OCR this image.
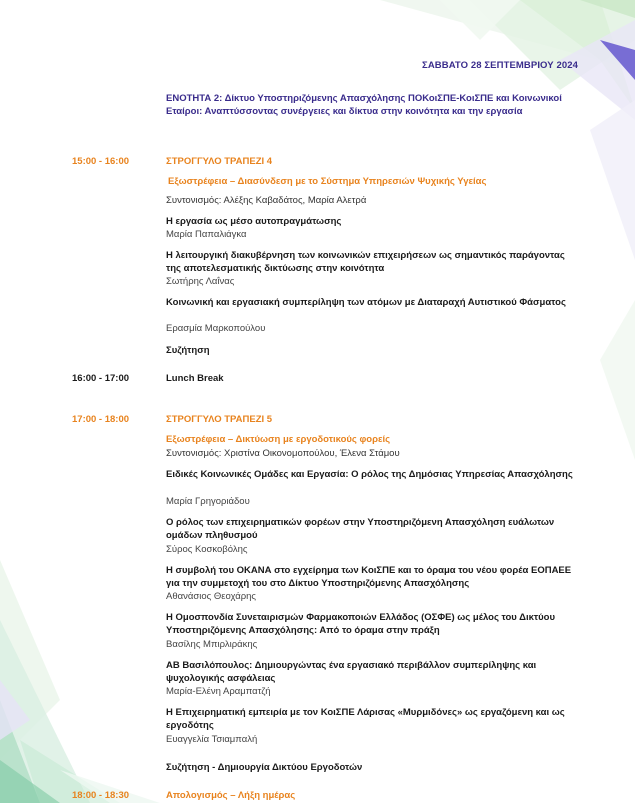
ΣΑΒΒΑΤΟ 28 ΣΕΠΤΕΜΒΡΙΟΥ 2024
ΕΝΟΤΗΤΑ 2: Δίκτυο Υποστηριζόμενης Απασχόλησης ΠΟΚοιΣΠΕ-ΚοιΣΠΕ και Κοινωνικοί Εταίροι: Αναπτύσσοντας συνέργειες και δίκτυα στην κοινότητα και την εργασία
15:00 - 16:00	ΣΤΡΟΓΓΥΛΟ ΤΡΑΠΕΖΙ 4
Εξωστρέφεια – Διασύνδεση με το Σύστημα Υπηρεσιών Ψυχικής Υγείας
Συντονισμός: Αλέξης Καβαδάτος, Μαρία Αλετρά
Η εργασία ως μέσο αυτοπραγμάτωσης
Μαρία Παπαλιάγκα
Η λειτουργική διακυβέρνηση των κοινωνικών επιχειρήσεων ως σημαντικός παράγοντας της αποτελεσματικής δικτύωσης στην κοινότητα
Σωτήρης Λαΐνας
Κοινωνική και εργασιακή συμπερίληψη των ατόμων με Διαταραχή Αυτιστικού Φάσματος
Ερασμία Μαρκοπούλου
Συζήτηση
16:00 - 17:00	Lunch Break
17:00 - 18:00	ΣΤΡΟΓΓΥΛΟ ΤΡΑΠΕΖΙ 5
Εξωστρέφεια – Δικτύωση με εργοδοτικούς φορείς
Συντονισμός: Χριστίνα Οικονομοπούλου, Έλενα Στάμου
Ειδικές Κοινωνικές Ομάδες και Εργασία: Ο ρόλος της Δημόσιας Υπηρεσίας Απασχόλησης
Μαρία Γρηγοριάδου
Ο ρόλος των επιχειρηματικών φορέων στην Υποστηριζόμενη Απασχόληση ευάλωτων ομάδων πληθυσμού
Σύρος Κοσκοβόλης
Η συμβολή του ΟΚΑΝΑ στο εγχείρημα των ΚοιΣΠΕ και το όραμα του νέου φορέα ΕΟΠΑΕΕ για την συμμετοχή του στο Δίκτυο Υποστηριζόμενης Απασχόλησης
Αθανάσιος Θεοχάρης
Η Ομοσπονδία Συνεταιρισμών Φαρμακοποιών Ελλάδος (ΟΣΦΕ) ως μέλος του Δικτύου Υποστηριζόμενης Απασχόλησης: Από το όραμα στην πράξη
Βασίλης Μπιρλιράκης
ΑΒ Βασιλόπουλος: Δημιουργώντας ένα εργασιακό περιβάλλον συμπερίληψης και ψυχολογικής ασφάλειας
Μαρία-Ελένη Αραμπατζή
Η Επιχειρηματική εμπειρία με τον ΚοιΣΠΕ Λάρισας «Μυρμιδόνες» ως εργαζόμενη και ως εργοδότης
Ευαγγελία Τσιαμπαλή
Συζήτηση - Δημιουργία Δικτύου Εργοδοτών
18:00 - 18:30	Απολογισμός – Λήξη ημέρας
